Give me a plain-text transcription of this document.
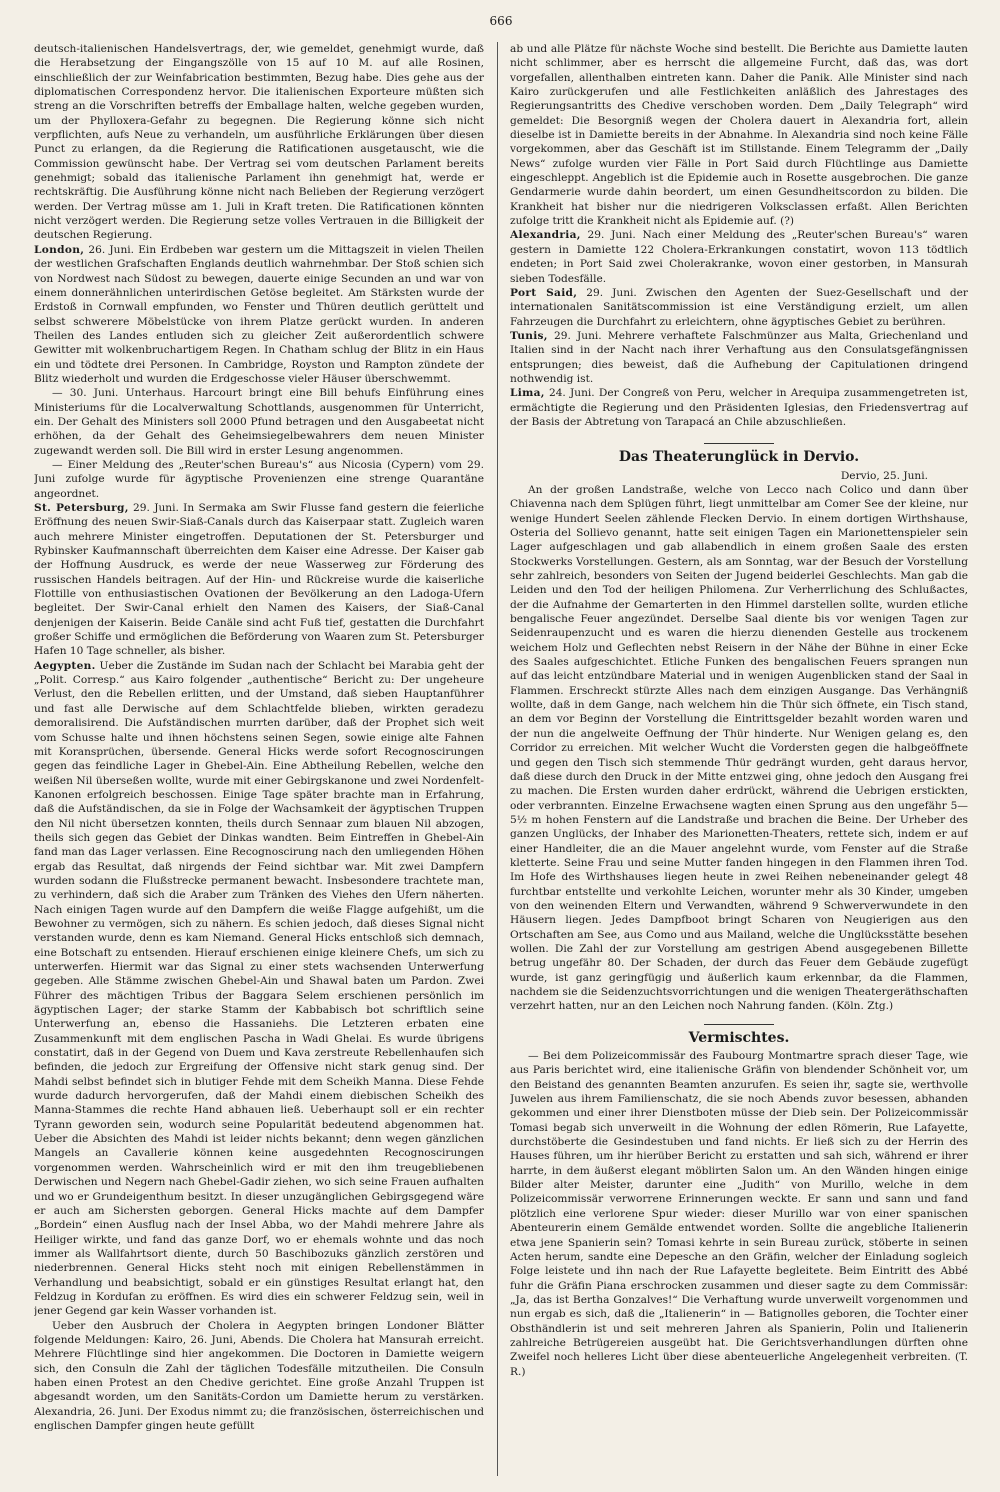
666

deutsch-italienischen Handelsvertrags, der, wie gemeldet, genehmigt wurde, daß die Herabsetzung der Eingangszölle von 15 auf 10 M. auf alle Rosinen, einschließlich der zur Weinfabrication bestimmten, Bezug habe. Dies gehe aus der diplomatischen Correspondenz hervor. Die italienischen Exporteure müßten sich streng an die Vorschriften betreffs der Emballage halten, welche gegeben wurden, um der Phylloxera-Gefahr zu begegnen. Die Regierung könne sich nicht verpflichten, aufs Neue zu verhandeln, um ausführliche Erklärungen über diesen Punct zu erlangen, da die Regierung die Ratificationen ausgetauscht, wie die Commission gewünscht habe. Der Vertrag sei vom deutschen Parlament bereits genehmigt; sobald das italienische Parlament ihn genehmigt hat, werde er rechtskräftig. Die Ausführung könne nicht nach Belieben der Regierung verzögert werden. Der Vertrag müsse am 1. Juli in Kraft treten. Die Ratificationen könnten nicht verzögert werden. Die Regierung setze volles Vertrauen in die Billigkeit der deutschen Regierung.

London, 26. Juni. Ein Erdbeben war gestern um die Mittagszeit in vielen Theilen der westlichen Grafschaften Englands deutlich wahrnehmbar. Der Stoß schien sich von Nordwest nach Südost zu bewegen, dauerte einige Secunden an und war von einem donnerähnlichen unterirdischen Getöse begleitet. Am Stärksten wurde der Erdstoß in Cornwall empfunden, wo Fenster und Thüren deutlich gerüttelt und selbst schwerere Möbelstücke von ihrem Platze gerückt wurden. In anderen Theilen des Landes entluden sich zu gleicher Zeit außerordentlich schwere Gewitter mit wolkenbruchartigem Regen. In Chatham schlug der Blitz in ein Haus ein und tödtete drei Personen. In Cambridge, Royston und Rampton zündete der Blitz wiederholt und wurden die Erdgeschosse vieler Häuser überschwemmt.

— 30. Juni. Unterhaus. Harcourt bringt eine Bill behufs Einführung eines Ministeriums für die Localverwaltung Schottlands, ausgenommen für Unterricht, ein. Der Gehalt des Ministers soll 2000 Pfund betragen und den Ausgabeetat nicht erhöhen, da der Gehalt des Geheimsiegelbewahrers dem neuen Minister zugewandt werden soll. Die Bill wird in erster Lesung angenommen.

— Einer Meldung des „Reuter'schen Bureau's“ aus Nicosia (Cypern) vom 29. Juni zufolge wurde für ägyptische Provenienzen eine strenge Quarantäne angeordnet.

St. Petersburg, 29. Juni. In Sermaka am Swir Flusse fand gestern die feierliche Eröffnung des neuen Swir-Siaß-Canals durch das Kaiserpaar statt. Zugleich waren auch mehrere Minister eingetroffen. Deputationen der St. Petersburger und Rybinsker Kaufmannschaft überreichten dem Kaiser eine Adresse. Der Kaiser gab der Hoffnung Ausdruck, es werde der neue Wasserweg zur Förderung des russischen Handels beitragen. Auf der Hin- und Rückreise wurde die kaiserliche Flottille von enthusiastischen Ovationen der Bevölkerung an den Ladoga-Ufern begleitet. Der Swir-Canal erhielt den Namen des Kaisers, der Siaß-Canal denjenigen der Kaiserin. Beide Canäle sind acht Fuß tief, gestatten die Durchfahrt großer Schiffe und ermöglichen die Beförderung von Waaren zum St. Petersburger Hafen 10 Tage schneller, als bisher.

Aegypten. Ueber die Zustände im Sudan nach der Schlacht bei Marabia geht der „Polit. Corresp.“ aus Kairo folgender „authentische“ Bericht zu: Der ungeheure Verlust, den die Rebellen erlitten, und der Umstand, daß sieben Hauptanführer und fast alle Derwische auf dem Schlachtfelde blieben, wirkten geradezu demoralisirend. Die Aufständischen murrten darüber, daß der Prophet sich weit vom Schusse halte und ihnen höchstens seinen Segen, sowie einige alte Fahnen mit Koransprüchen, übersende. General Hicks werde sofort Recognoscirungen gegen das feindliche Lager in Ghebel-Ain. Eine Abtheilung Rebellen, welche den weißen Nil überseßen wollte, wurde mit einer Gebirgskanone und zwei Nordenfelt-Kanonen erfolgreich beschossen. Einige Tage später brachte man in Erfahrung, daß die Aufständischen, da sie in Folge der Wachsamkeit der ägyptischen Truppen den Nil nicht übersetzen konnten, theils durch Sennaar zum blauen Nil abzogen, theils sich gegen das Gebiet der Dinkas wandten. Beim Eintreffen in Ghebel-Ain fand man das Lager verlassen. Eine Recognoscirung nach den umliegenden Höhen ergab das Resultat, daß nirgends der Feind sichtbar war. Mit zwei Dampfern wurden sodann die Flußstrecke permanent bewacht. Insbesondere trachtete man, zu verhindern, daß sich die Araber zum Tränken des Viehes den Ufern näherten. Nach einigen Tagen wurde auf den Dampfern die weiße Flagge aufgehißt, um die Bewohner zu vermögen, sich zu nähern. Es schien jedoch, daß dieses Signal nicht verstanden wurde, denn es kam Niemand. General Hicks entschloß sich demnach, eine Botschaft zu entsenden. Hierauf erschienen einige kleinere Chefs, um sich zu unterwerfen. Hiermit war das Signal zu einer stets wachsenden Unterwerfung gegeben. Alle Stämme zwischen Ghebel-Ain und Shawal baten um Pardon. Zwei Führer des mächtigen Tribus der Baggara Selem erschienen persönlich im ägyptischen Lager; der starke Stamm der Kabbabisch bot schriftlich seine Unterwerfung an, ebenso die Hassaniehs. Die Letzteren erbaten eine Zusammenkunft mit dem englischen Pascha in Wadi Ghelai. Es wurde übrigens constatirt, daß in der Gegend von Duem und Kava zerstreute Rebellenhaufen sich befinden, die jedoch zur Ergreifung der Offensive nicht stark genug sind. Der Mahdi selbst befindet sich in blutiger Fehde mit dem Scheikh Manna. Diese Fehde wurde dadurch hervorgerufen, daß der Mahdi einem diebischen Scheikh des Manna-Stammes die rechte Hand abhauen ließ. Ueberhaupt soll er ein rechter Tyrann geworden sein, wodurch seine Popularität bedeutend abgenommen hat. Ueber die Absichten des Mahdi ist leider nichts bekannt; denn wegen gänzlichen Mangels an Cavallerie können keine ausgedehnten Recognoscirungen vorgenommen werden. Wahrscheinlich wird er mit den ihm treugebliebenen Derwischen und Negern nach Ghebel-Gadir ziehen, wo sich seine Frauen aufhalten und wo er Grundeigenthum besitzt. In dieser unzugänglichen Gebirgsgegend wäre er auch am Sichersten geborgen. General Hicks machte auf dem Dampfer „Bordein“ einen Ausflug nach der Insel Abba, wo der Mahdi mehrere Jahre als Heiliger wirkte, und fand das ganze Dorf, wo er ehemals wohnte und das noch immer als Wallfahrtsort diente, durch 50 Baschibozuks gänzlich zerstören und niederbrennen. General Hicks steht noch mit einigen Rebellenstämmen in Verhandlung und beabsichtigt, sobald er ein günstiges Resultat erlangt hat, den Feldzug in Kordufan zu eröffnen. Es wird dies ein schwerer Feldzug sein, weil in jener Gegend gar kein Wasser vorhanden ist.

Ueber den Ausbruch der Cholera in Aegypten bringen Londoner Blätter folgende Meldungen: Kairo, 26. Juni, Abends. Die Cholera hat Mansurah erreicht. Mehrere Flüchtlinge sind hier angekommen. Die Doctoren in Damiette weigern sich, den Consuln die Zahl der täglichen Todesfälle mitzutheilen. Die Consuln haben einen Protest an den Chedive gerichtet. Eine große Anzahl Truppen ist abgesandt worden, um den Sanitäts-Cordon um Damiette herum zu verstärken. Alexandria, 26. Juni. Der Exodus nimmt zu; die französischen, österreichischen und englischen Dampfer gingen heute gefüllt

ab und alle Plätze für nächste Woche sind bestellt. Die Berichte aus Damiette lauten nicht schlimmer, aber es herrscht die allgemeine Furcht, daß das, was dort vorgefallen, allenthalben eintreten kann. Daher die Panik. Alle Minister sind nach Kairo zurückgerufen und alle Festlichkeiten anläßlich des Jahrestages des Regierungsantritts des Chedive verschoben worden. Dem „Daily Telegraph“ wird gemeldet: Die Besorgniß wegen der Cholera dauert in Alexandria fort, allein dieselbe ist in Damiette bereits in der Abnahme. In Alexandria sind noch keine Fälle vorgekommen, aber das Geschäft ist im Stillstande. Einem Telegramm der „Daily News“ zufolge wurden vier Fälle in Port Said durch Flüchtlinge aus Damiette eingeschleppt. Angeblich ist die Epidemie auch in Rosette ausgebrochen. Die ganze Gendarmerie wurde dahin beordert, um einen Gesundheitscordon zu bilden. Die Krankheit hat bisher nur die niedrigeren Volksclassen erfaßt. Allen Berichten zufolge tritt die Krankheit nicht als Epidemie auf. (?)

Alexandria, 29. Juni. Nach einer Meldung des „Reuter'schen Bureau's“ waren gestern in Damiette 122 Cholera-Erkrankungen constatirt, wovon 113 tödtlich endeten; in Port Said zwei Cholerakranke, wovon einer gestorben, in Mansurah sieben Todesfälle.

Port Said, 29. Juni. Zwischen den Agenten der Suez-Gesellschaft und der internationalen Sanitätscommission ist eine Verständigung erzielt, um allen Fahrzeugen die Durchfahrt zu erleichtern, ohne ägyptisches Gebiet zu berühren.

Tunis, 29. Juni. Mehrere verhaftete Falschmünzer aus Malta, Griechenland und Italien sind in der Nacht nach ihrer Verhaftung aus den Consulatsgefängnissen entsprungen; dies beweist, daß die Aufhebung der Capitulationen dringend nothwendig ist.

Lima, 24. Juni. Der Congreß von Peru, welcher in Arequipa zusammengetreten ist, ermächtigte die Regierung und den Präsidenten Iglesias, den Friedensvertrag auf der Basis der Abtretung von Tarapacá an Chile abzuschließen.

Das Theaterunglück in Dervio.

Dervio, 25. Juni.

An der großen Landstraße, welche von Lecco nach Colico und dann über Chiavenna nach dem Splügen führt, liegt unmittelbar am Comer See der kleine, nur wenige Hundert Seelen zählende Flecken Dervio. In einem dortigen Wirthshause, Osteria del Sollievo genannt, hatte seit einigen Tagen ein Marionettenspieler sein Lager aufgeschlagen und gab allabendlich in einem großen Saale des ersten Stockwerks Vorstellungen. Gestern, als am Sonntag, war der Besuch der Vorstellung sehr zahlreich, besonders von Seiten der Jugend beiderlei Geschlechts. Man gab die Leiden und den Tod der heiligen Philomena. Zur Verherrlichung des Schlußactes, der die Aufnahme der Gemarterten in den Himmel darstellen sollte, wurden etliche bengalische Feuer angezündet. Derselbe Saal diente bis vor wenigen Tagen zur Seidenraupenzucht und es waren die hierzu dienenden Gestelle aus trockenem weichem Holz und Geflechten nebst Reisern in der Nähe der Bühne in einer Ecke des Saales aufgeschichtet. Etliche Funken des bengalischen Feuers sprangen nun auf das leicht entzündbare Material und in wenigen Augenblicken stand der Saal in Flammen. Erschreckt stürzte Alles nach dem einzigen Ausgange. Das Verhängniß wollte, daß in dem Gange, nach welchem hin die Thür sich öffnete, ein Tisch stand, an dem vor Beginn der Vorstellung die Eintrittsgelder bezahlt worden waren und der nun die angelweite Oeffnung der Thür hinderte. Nur Wenigen gelang es, den Corridor zu erreichen. Mit welcher Wucht die Vordersten gegen die halbgeöffnete und gegen den Tisch sich stemmende Thür gedrängt wurden, geht daraus hervor, daß diese durch den Druck in der Mitte entzwei ging, ohne jedoch den Ausgang frei zu machen. Die Ersten wurden daher erdrückt, während die Uebrigen erstickten, oder verbrannten. Einzelne Erwachsene wagten einen Sprung aus den ungefähr 5—5½ m hohen Fenstern auf die Landstraße und brachen die Beine. Der Urheber des ganzen Unglücks, der Inhaber des Marionetten-Theaters, rettete sich, indem er auf einer Handleiter, die an die Mauer angelehnt wurde, vom Fenster auf die Straße kletterte. Seine Frau und seine Mutter fanden hingegen in den Flammen ihren Tod. Im Hofe des Wirthshauses liegen heute in zwei Reihen nebeneinander gelegt 48 furchtbar entstellte und verkohlte Leichen, worunter mehr als 30 Kinder, umgeben von den weinenden Eltern und Verwandten, während 9 Schwerverwundete in den Häusern liegen. Jedes Dampfboot bringt Scharen von Neugierigen aus den Ortschaften am See, aus Como und aus Mailand, welche die Unglücksstätte besehen wollen. Die Zahl der zur Vorstellung am gestrigen Abend ausgegebenen Billette betrug ungefähr 80. Der Schaden, der durch das Feuer dem Gebäude zugefügt wurde, ist ganz geringfügig und äußerlich kaum erkennbar, da die Flammen, nachdem sie die Seidenzuchtsvorrichtungen und die wenigen Theatergeräthschaften verzehrt hatten, nur an den Leichen noch Nahrung fanden. (Köln. Ztg.)

Vermischtes.

— Bei dem Polizeicommissär des Faubourg Montmartre sprach dieser Tage, wie aus Paris berichtet wird, eine italienische Gräfin von blendender Schönheit vor, um den Beistand des genannten Beamten anzurufen. Es seien ihr, sagte sie, werthvolle Juwelen aus ihrem Familienschatz, die sie noch Abends zuvor besessen, abhanden gekommen und einer ihrer Dienstboten müsse der Dieb sein. Der Polizeicommissär Tomasi begab sich unverweilt in die Wohnung der edlen Römerin, Rue Lafayette, durchstöberte die Gesindestuben und fand nichts. Er ließ sich zu der Herrin des Hauses führen, um ihr hierüber Bericht zu erstatten und sah sich, während er ihrer harrte, in dem äußerst elegant möblirten Salon um. An den Wänden hingen einige Bilder alter Meister, darunter eine „Judith“ von Murillo, welche in dem Polizeicommissär verworrene Erinnerungen weckte. Er sann und sann und fand plötzlich eine verlorene Spur wieder: dieser Murillo war von einer spanischen Abenteurerin einem Gemälde entwendet worden. Sollte die angebliche Italienerin etwa jene Spanierin sein? Tomasi kehrte in sein Bureau zurück, stöberte in seinen Acten herum, sandte eine Depesche an den Gräfin, welcher der Einladung sogleich Folge leistete und ihn nach der Rue Lafayette begleitete. Beim Eintritt des Abbé fuhr die Gräfin Piana erschrocken zusammen und dieser sagte zu dem Commissär: „Ja, das ist Bertha Gonzalves!“ Die Verhaftung wurde unverweilt vorgenommen und nun ergab es sich, daß die „Italienerin“ in — Batignolles geboren, die Tochter einer Obsthändlerin ist und seit mehreren Jahren als Spanierin, Polin und Italienerin zahlreiche Betrügereien ausgeübt hat. Die Gerichtsverhandlungen dürften ohne Zweifel noch helleres Licht über diese abenteuerliche Angelegenheit verbreiten. (T. R.)
